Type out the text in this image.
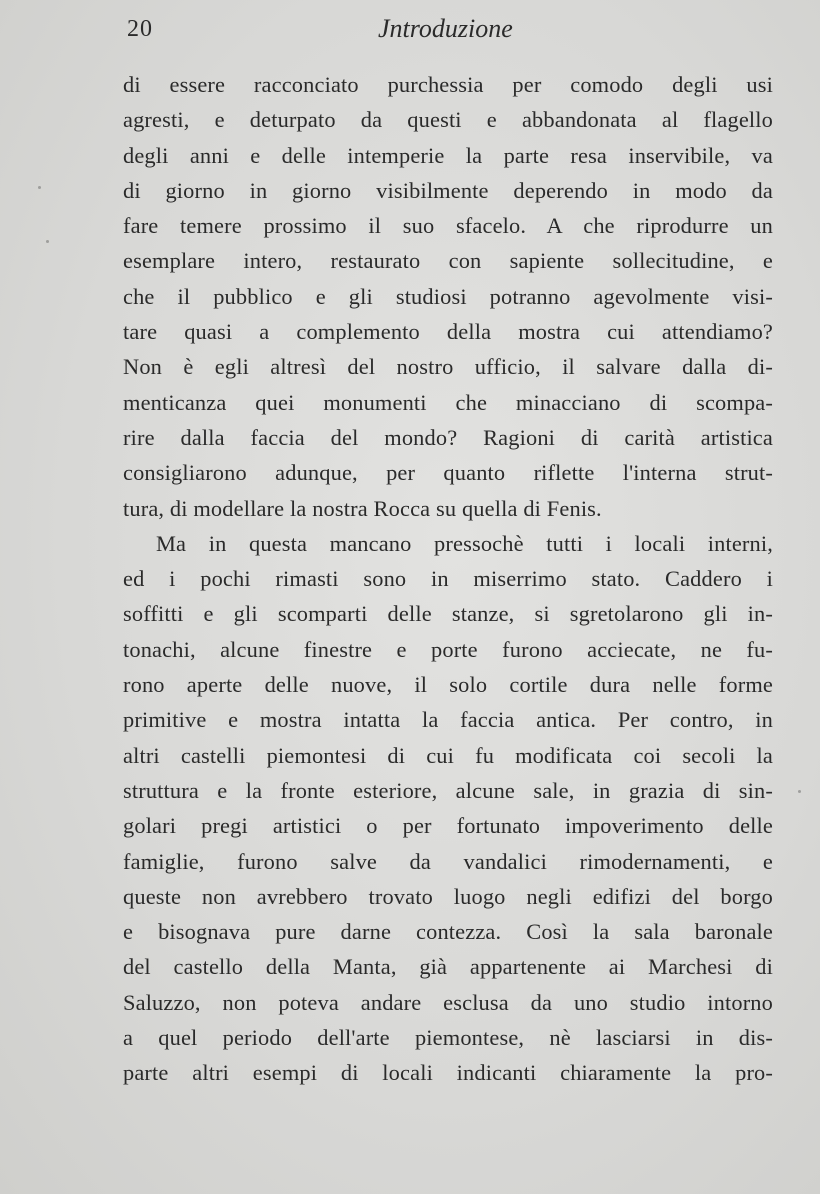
20	Jntroduzione
di essere racconciato purchessia per comodo degli usi
agresti, e deturpato da questi e abbandonata al flagello
degli anni e delle intemperie la parte resa inservibile, va
di giorno in giorno visibilmente deperendo in modo da
fare temere prossimo il suo sfacelo. A che riprodurre un
esemplare intero, restaurato con sapiente sollecitudine, e
che il pubblico e gli studiosi potranno agevolmente visi-
tare quasi a complemento della mostra cui attendiamo?
Non è egli altresì del nostro ufficio, il salvare dalla di-
menticanza quei monumenti che minacciano di scompa-
rire dalla faccia del mondo? Ragioni di carità artistica
consigliarono adunque, per quanto riflette l'interna strut-
tura, di modellare la nostra Rocca su quella di Fenis.
Ma in questa mancano pressochè tutti i locali interni,
ed i pochi rimasti sono in miserrimo stato. Caddero i
soffitti e gli scomparti delle stanze, si sgretolarono gli in-
tonachi, alcune finestre e porte furono acciecate, ne fu-
rono aperte delle nuove, il solo cortile dura nelle forme
primitive e mostra intatta la faccia antica. Per contro, in
altri castelli piemontesi di cui fu modificata coi secoli la
struttura e la fronte esteriore, alcune sale, in grazia di sin-
golari pregi artistici o per fortunato impoverimento delle
famiglie, furono salve da vandalici rimodernamenti, e
queste non avrebbero trovato luogo negli edifizi del borgo
e bisognava pure darne contezza. Così la sala baronale
del castello della Manta, già appartenente ai Marchesi di
Saluzzo, non poteva andare esclusa da uno studio intorno
a quel periodo dell'arte piemontese, nè lasciarsi in dis-
parte altri esempi di locali indicanti chiaramente la pro-
